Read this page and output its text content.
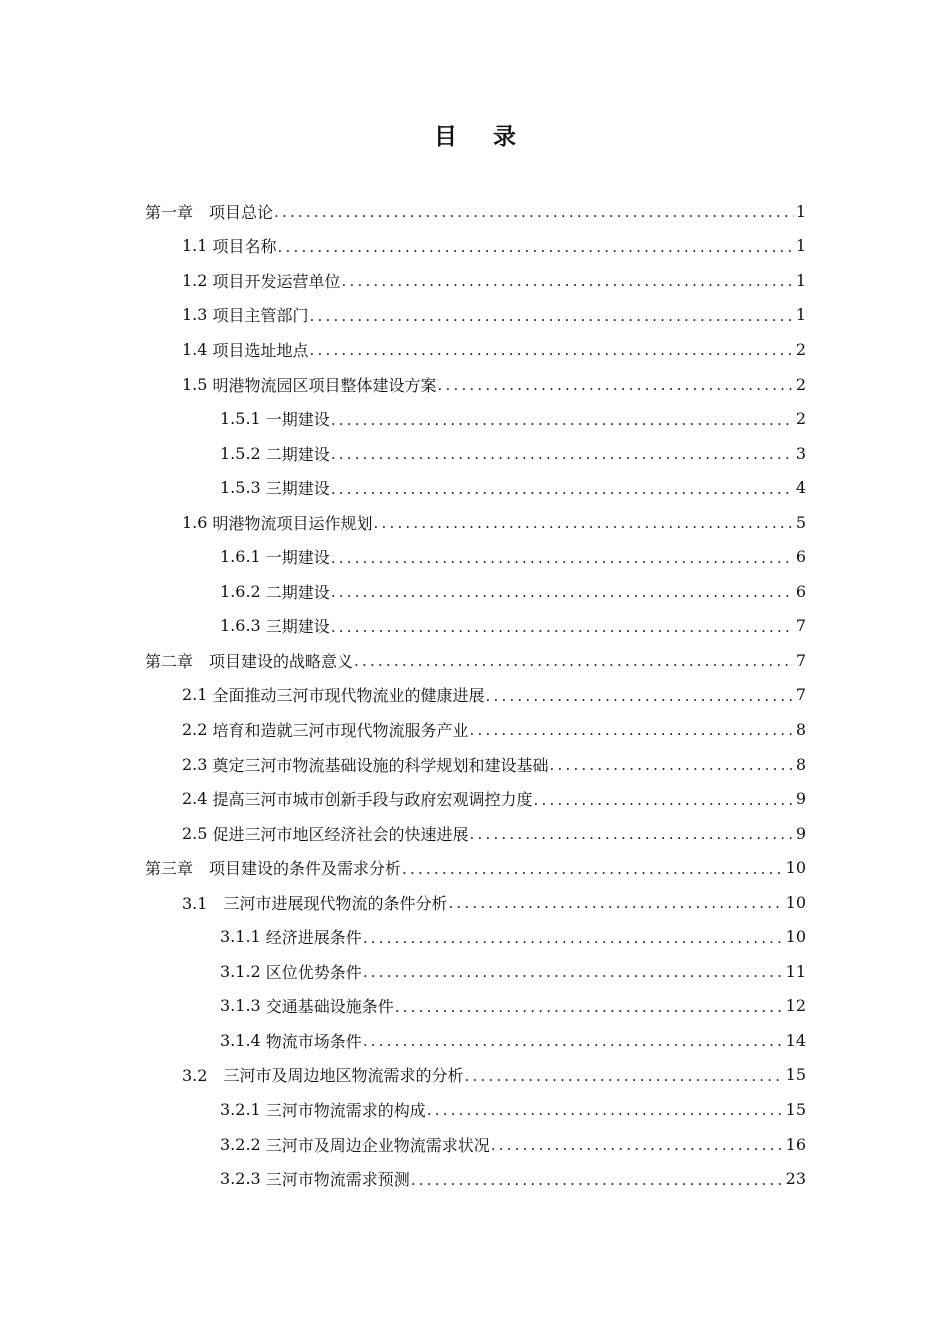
目 录
第一章　 项目总论 .....	1
1.1 项目名称 .....	1
1.2 项目开发运营单位 .....	1
1.3 项目主管部门 .....	1
1.4 项目选址地点 .....	2
1.5 明港物流园区项目整体建设方案 .....	2
1.5.1 一期建设 .....	2
1.5.2 二期建设 .....	3
1.5.3 三期建设 .....	4
1.6 明港物流项目运作规划 .....	5
1.6.1 一期建设 .....	6
1.6.2 二期建设 .....	6
1.6.3 三期建设 .....	7
第二章　 项目建设的战略意义 .....	7
2.1 全面推动三河市现代物流业的健康进展 .....	7
2.2 培育和造就三河市现代物流服务产业 .....	8
2.3 奠定三河市物流基础设施的科学规划和建设基础 .....	8
2.4 提高三河市城市创新手段与政府宏观调控力度 .....	9
2.5 促进三河市地区经济社会的快速进展 .....	9
第三章　 项目建设的条件及需求分析 .....	10
3.1　 三河市进展现代物流的条件分析 .....	10
3.1.1 经济进展条件 .....	10
3.1.2 区位优势条件 .....	11
3.1.3 交通基础设施条件 .....	12
3.1.4 物流市场条件 .....	14
3.2　 三河市及周边地区物流需求的分析 .....	15
3.2.1 三河市物流需求的构成 .....	15
3.2.2 三河市及周边企业物流需求状况 .....	16
3.2.3 三河市物流需求预测 .....	23
